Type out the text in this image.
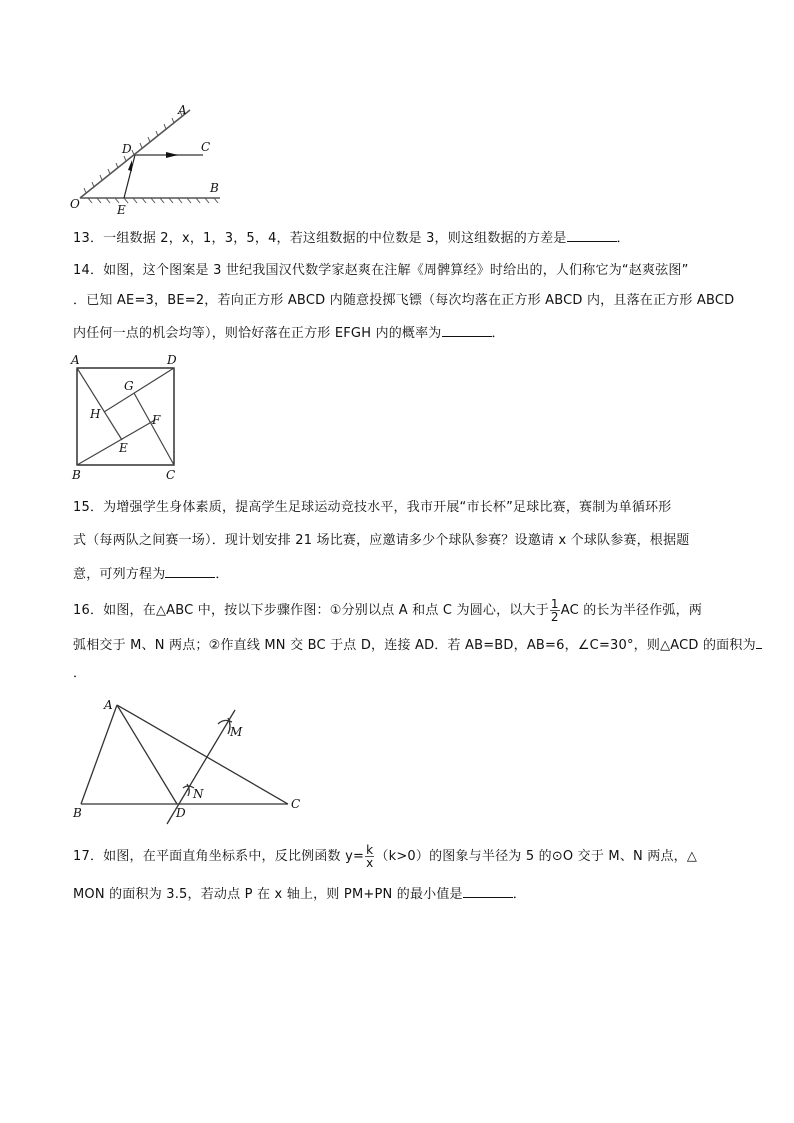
A
C
D
B
O	E
13．一组数据 2，x，1，3，5，4，若这组数据的中位数是 3，则这组数据的方差是	．
14．如图，这个图案是 3 世纪我国汉代数学家赵爽在注解《周髀算经》时给出的，人们称它为“赵爽弦图”
．已知 AE=3，BE=2，若向正方形 ABCD 内随意投掷飞镖（每次均落在正方形 ABCD 内，且落在正方形 ABCD
内任何一点的机会均等），则恰好落在正方形 EFGH 内的概率为	．
A	D
G
H	F
E
B	C
15．为增强学生身体素质，提高学生足球运动竞技水平，我市开展“市长杯”足球比赛，赛制为单循环形
式（每两队之间赛一场）．现计划安排 21 场比赛，应邀请多少个球队参赛？设邀请 x 个球队参赛，根据题
意，可列方程为	．
16．如图，在△ABC 中，按以下步骤作图：①分别以点 A 和点 C 为圆心，以大于 $\frac{1}{2}$ AC 的长为半径作弧，两
弧相交于 M、N 两点；②作直线 MN 交 BC 于点 D，连接 AD．若 AB=BD，AB=6，∠C=30°，则△ACD 的面积为
．
A
B	D
C
M
N
17．如图，在平面直角坐标系中，反比例函数 $y= \frac{k}{x} (k>0)$的图象与半径为 5 的⊙O 交于 M、N 两点，△
MON 的面积为 3.5，若动点 P 在 x 轴上，则 PM+PN 的最小值是	．
